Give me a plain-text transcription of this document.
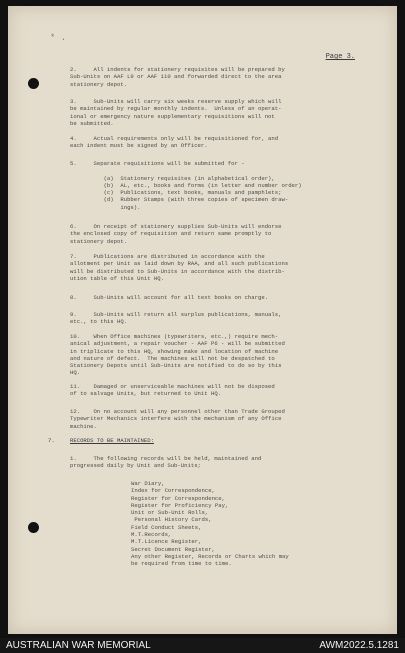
* .
Page 3.
2.     All indents for stationery requisites will be prepared by
Sub-Units on AAF L9 or AAF 110 and forwarded direct to the area
stationery depot.
3.     Sub-Units will carry six weeks reserve supply which will
be maintained by regular monthly indents.  Unless of an operat-
ional or emergency nature supplementary requisitions will not
be submitted.
4.     Actual requirements only will be requisitioned for, and
each indent must be signed by an Officer.
5.     Separate requisitions will be submitted for -

(a)  Stationery requisites (in alphabetical order),
(b)  AL, etc., books and forms (in letter and number order)
(c)  Publications, text books, manuals and pamphlets;
(d)  Rubber Stamps (with three copies of specimen draw-
ings).
6.     On receipt of stationery supplies Sub-Units will endorse
the enclosed copy of requisition and return same promptly to
stationery depot.
7.     Publications are distributed in accordance with the
allotment per Unit as laid down by RAA, and all such publications
will be distributed to Sub-Units in accordance with the distrib-
ution table of this Unit HQ.
8.     Sub-Units will account for all text books on charge.
9.     Sub-Units will return all surplus publications, manuals,
etc., to this HQ.
10.    When Office machines (typewriters, etc.,) require mech-
anical adjustment, a repair voucher - AAF P6 - will be submitted
in triplicate to this HQ, showing make and location of machine
and nature of defect.  The machines will not be despatched to
Stationery Depots until Sub-Units are notified to do so by this
HQ.
11.    Damaged or unserviceable machines will not be disposed
of to salvage Units, but returned to Unit HQ.
12.    On no account will any personnel other than Trade Grouped
Typewriter Mechanics interfere with the mechanism of any Office
machine.
7.	RECORDS TO BE MAINTAINED:
1.     The following records will be held, maintained and
progressed daily by Unit and Sub-Units;
War Diary,
Index for Correspondence,
Register for Correspondence,
Register for Proficiency Pay,
Unit or Sub-Unit Rolls,
Personal History Cards,
Field Conduct Sheets,
M.T.Records,
M.T.Licence Register,
Secret Document Register,
Any other Register, Records or Charts which may
be required from time to time.
AUSTRALIAN WAR MEMORIAL	AWM2022.5.1281
